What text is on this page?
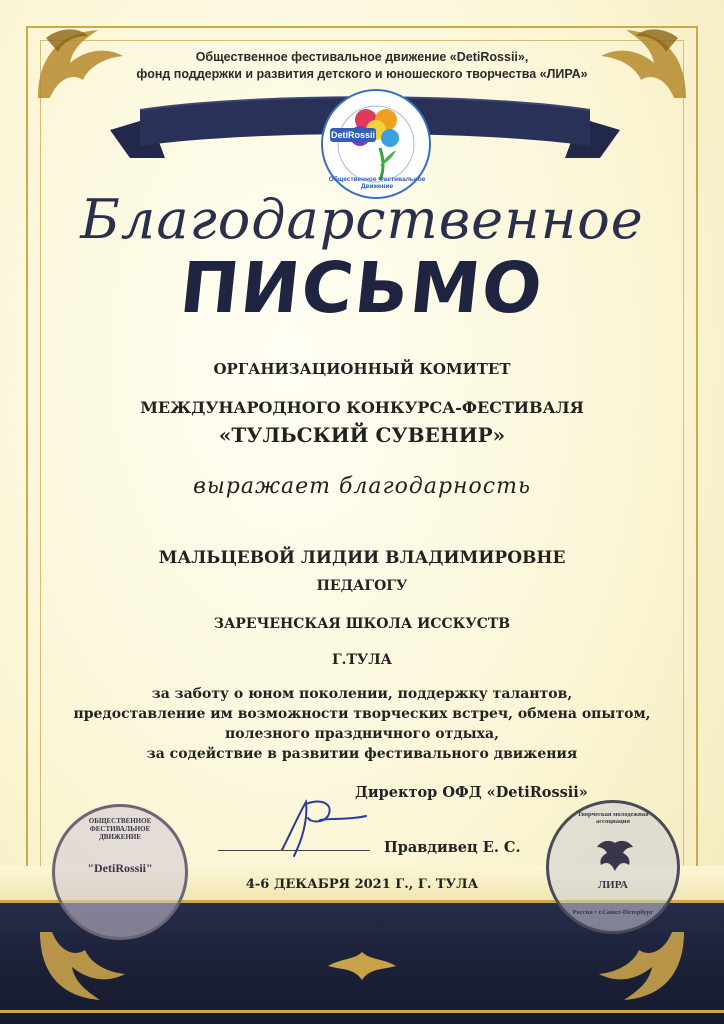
Общественное фестивальное движение «DetiRossii»,
фонд поддержки и развития детского и юношеского творчества «ЛИРА»
DetiRossii
Общественное Фестивальное Движение
Благодарственное
ПИСЬМО
ОРГАНИЗАЦИОННЫЙ КОМИТЕТ
МЕЖДУНАРОДНОГО КОНКУРСА-ФЕСТИВАЛЯ
«ТУЛЬСКИЙ СУВЕНИР»
выражает благодарность
МАЛЬЦЕВОЙ ЛИДИИ ВЛАДИМИРОВНЕ
ПЕДАГОГУ
ЗАРЕЧЕНСКАЯ ШКОЛА ИССКУСТВ
Г.ТУЛА
за заботу о юном поколении, поддержку талантов,
предоставление им возможности творческих встреч, обмена опытом,
полезного праздничного отдыха,
за содействие в развитии фестивального движения
Директор ОФД «DetiRossii»
Правдивец Е. С.
4-6 ДЕКАБРЯ 2021 Г., Г. ТУЛА
ОБЩЕСТВЕННОЕ ФЕСТИВАЛЬНОЕ ДВИЖЕНИЕ
"DetiRossii"
Творческая молодежная ассоциация
ЛИРА
Россия • г.Санкт-Петербург
